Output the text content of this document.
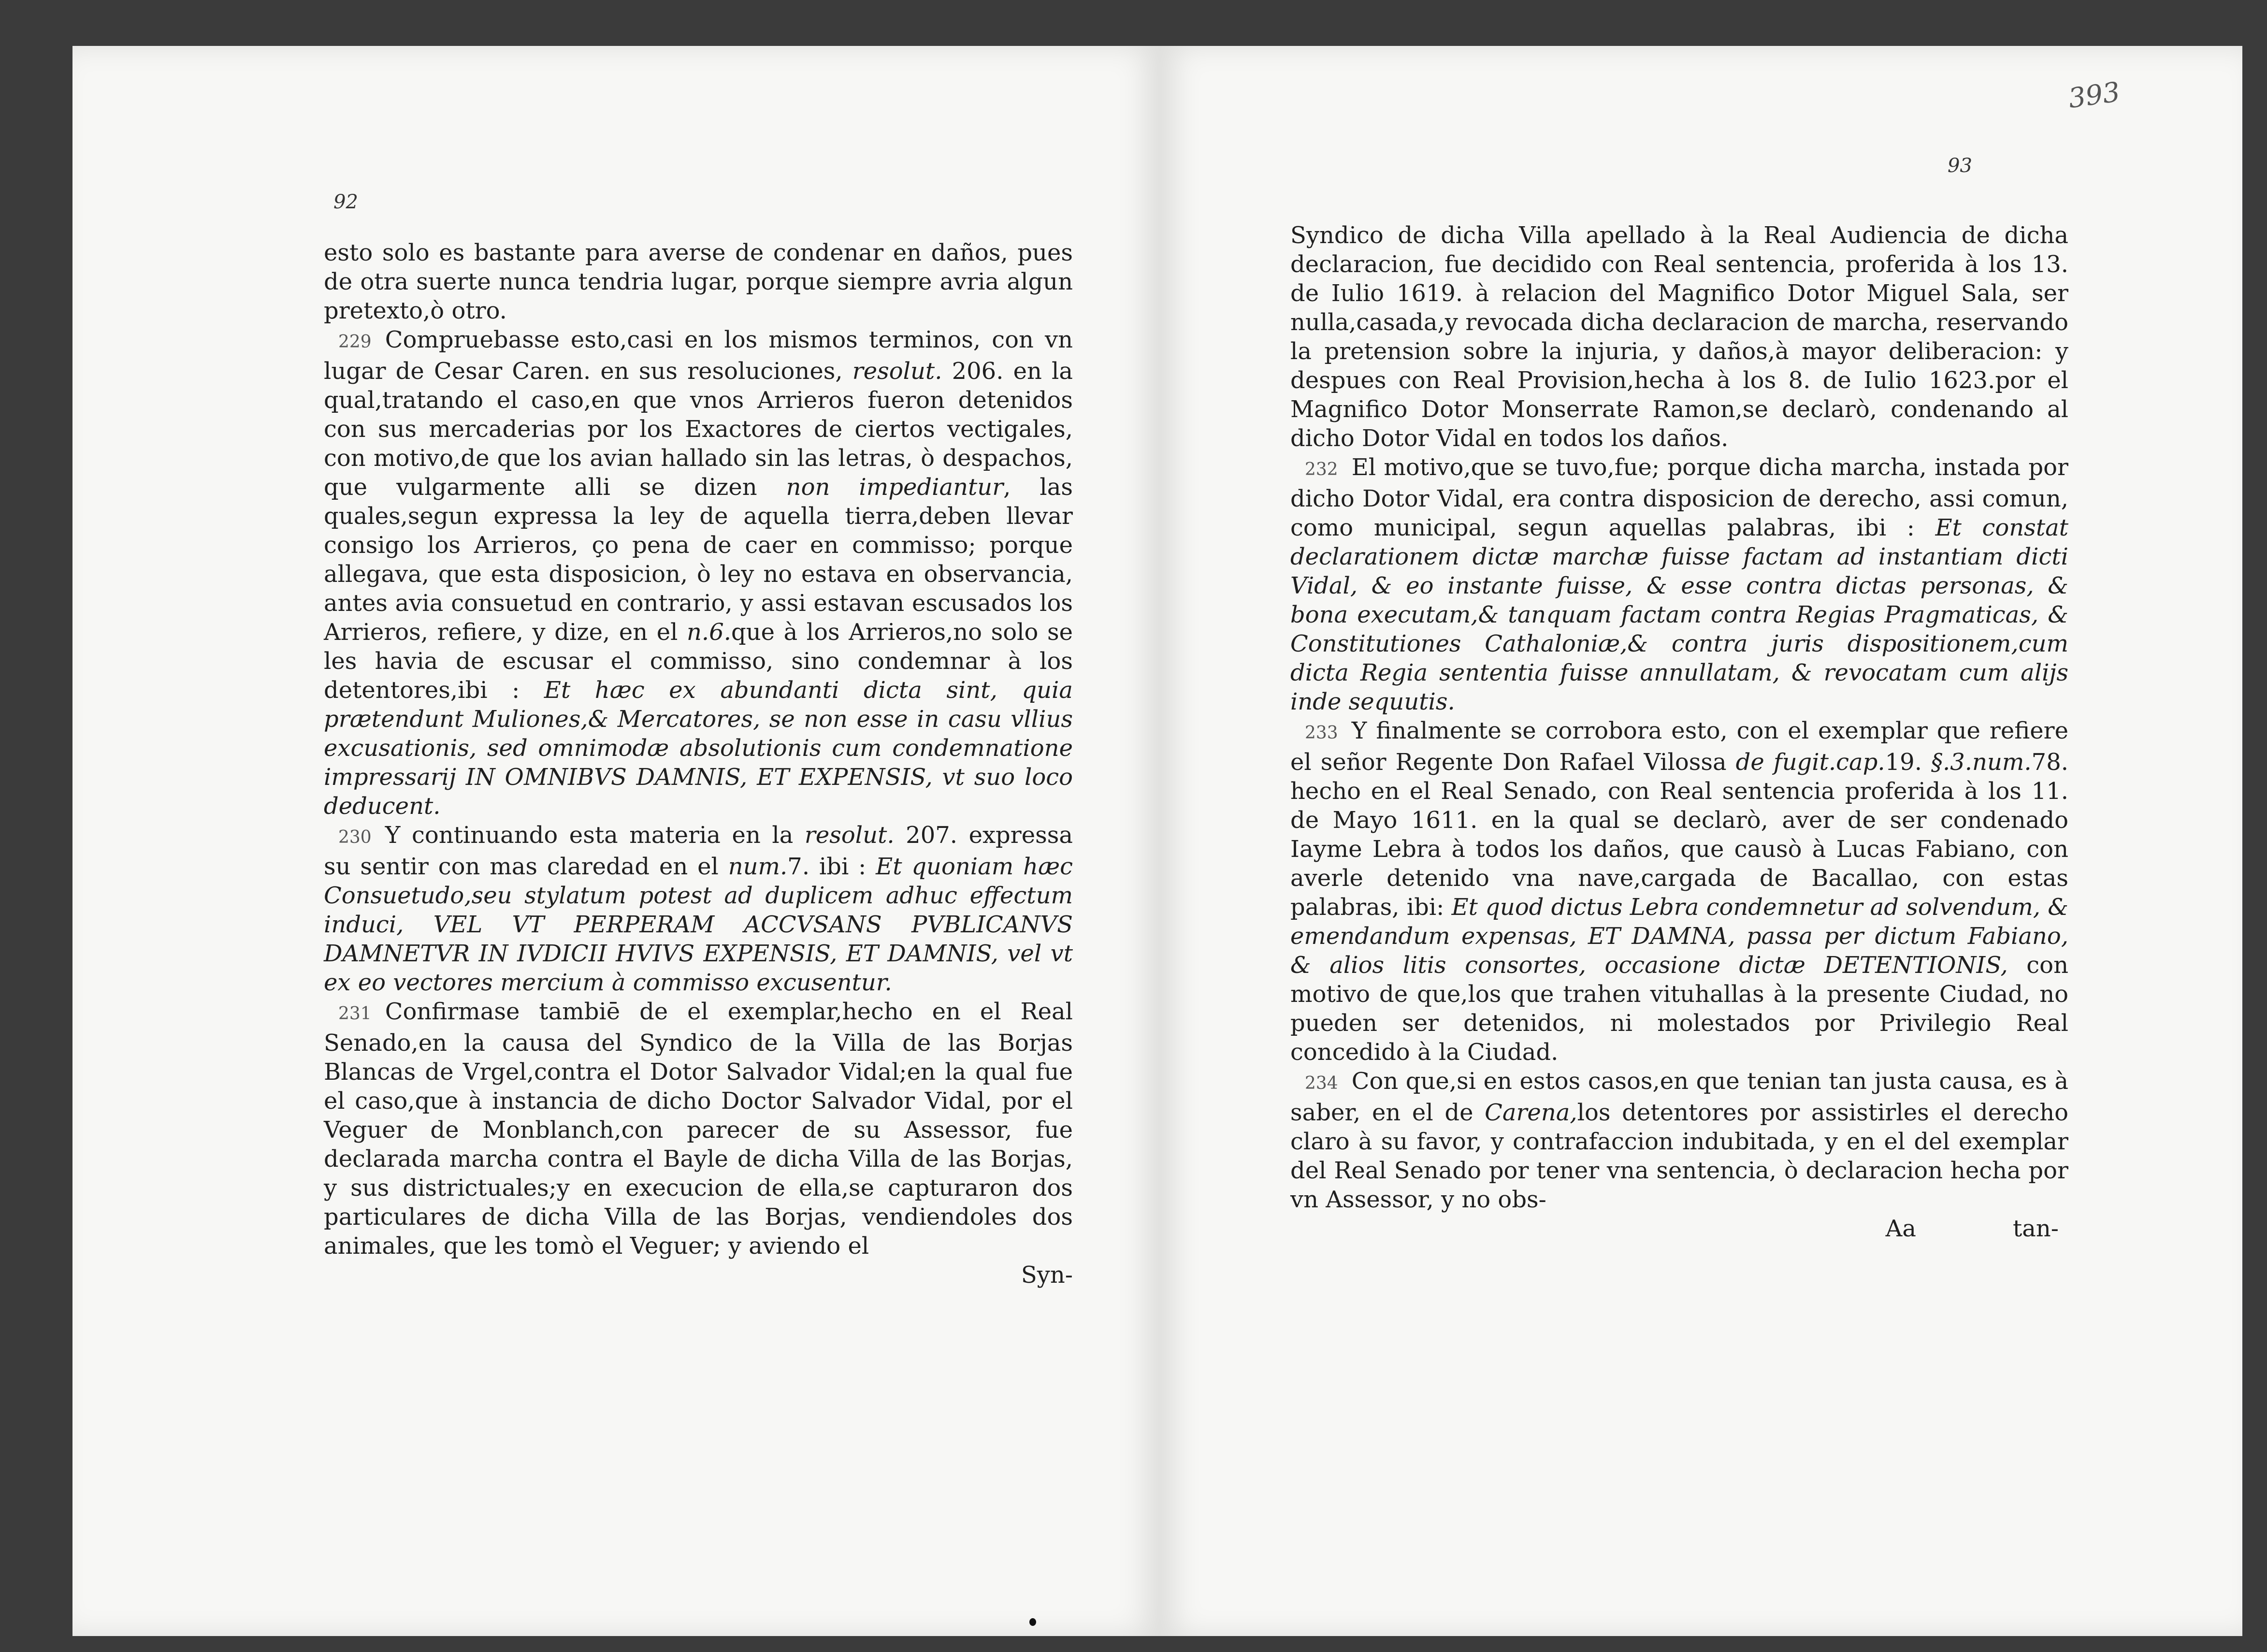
92

esto solo es bastante para averse de condenar en daños, pues de otra suerte nunca tendria lugar, porque siempre avria algun pretexto,ò otro.

229 Compruebasse esto,casi en los mismos terminos, con vn lugar de Cesar Caren. en sus resoluciones, resolut. 206. en la qual,tratando el caso,en que vnos Arrieros fueron detenidos con sus mercaderias por los Exactores de ciertos vectigales, con motivo,de que los avian hallado sin las letras, ò despachos, que vulgarmente alli se dizen non impediantur, las quales,segun expressa la ley de aquella tierra,deben llevar consigo los Arrieros, ço pena de caer en commisso; porque allegava, que esta disposicion, ò ley no estava en observancia, antes avia consuetud en contrario, y assi estavan escusados los Arrieros, refiere, y dize, en el n.6.que à los Arrieros,no solo se les havia de escusar el commisso, sino condemnar à los detentores,ibi : Et hæc ex abundanti dicta sint, quia prætendunt Muliones,& Mercatores, se non esse in casu vllius excusationis, sed omnimodæ absolutionis cum condemnatione impressarij IN OMNIBVS DAMNIS, ET EXPENSIS, vt suo loco deducent.

230 Y continuando esta materia en la resolut. 207. expressa su sentir con mas claredad en el num.7. ibi : Et quoniam hæc Consuetudo,seu stylatum potest ad duplicem adhuc effectum induci, VEL VT PERPERAM ACCVSANS PVBLICANVS DAMNETVR IN IVDICII HVIVS EXPENSIS, ET DAMNIS, vel vt ex eo vectores mercium à commisso excusentur.

231 Confirmase tambiē de el exemplar,hecho en el Real Senado,en la causa del Syndico de la Villa de las Borjas Blancas de Vrgel,contra el Dotor Salvador Vidal;en la qual fue el caso,que à instancia de dicho Doctor Salvador Vidal, por el Veguer de Monblanch,con parecer de su Assessor, fue declarada marcha contra el Bayle de dicha Villa de las Borjas, y sus districtuales;y en execucion de ella,se capturaron dos particulares de dicha Villa de las Borjas, vendiendoles dos animales, que les tomò el Veguer; y aviendo el

Syn-
93
393

Syndico de dicha Villa apellado à la Real Audiencia de dicha declaracion, fue decidido con Real sentencia, proferida à los 13. de Iulio 1619. à relacion del Magnifico Dotor Miguel Sala, ser nulla,casada,y revocada dicha declaracion de marcha, reservando la pretension sobre la injuria, y daños,à mayor deliberacion: y despues con Real Provision,hecha à los 8. de Iulio 1623.por el Magnifico Dotor Monserrate Ramon,se declarò, condenando al dicho Dotor Vidal en todos los daños.

232 El motivo,que se tuvo,fue; porque dicha marcha, instada por dicho Dotor Vidal, era contra disposicion de derecho, assi comun, como municipal, segun aquellas palabras, ibi : Et constat declarationem dictæ marchæ fuisse factam ad instantiam dicti Vidal, & eo instante fuisse, & esse contra dictas personas, & bona executam,& tanquam factam contra Regias Pragmaticas, & Constitutiones Cathaloniæ,& contra juris dispositionem,cum dicta Regia sententia fuisse annullatam, & revocatam cum alijs inde sequutis.

233 Y finalmente se corrobora esto, con el exemplar que refiere el señor Regente Don Rafael Vilossa de fugit.cap.19. §.3.num.78. hecho en el Real Senado, con Real sentencia proferida à los 11. de Mayo 1611. en la qual se declarò, aver de ser condenado Iayme Lebra à todos los daños, que causò à Lucas Fabiano, con averle detenido vna nave,cargada de Bacallao, con estas palabras, ibi: Et quod dictus Lebra condemnetur ad solvendum, & emendandum expensas, ET DAMNA, passa per dictum Fabiano, & alios litis consortes, occasione dictæ DETENTIONIS, con motivo de que,los que trahen vituhallas à la presente Ciudad, no pueden ser detenidos, ni molestados por Privilegio Real concedido à la Ciudad.

234 Con que,si en estos casos,en que tenian tan justa causa, es à saber, en el de Carena,los detentores por assistirles el derecho claro à su favor, y contrafaccion indubitada, y en el del exemplar del Real Senado por tener vna sentencia, ò declaracion hecha por vn Assessor, y no obs-

Aa	tan-
